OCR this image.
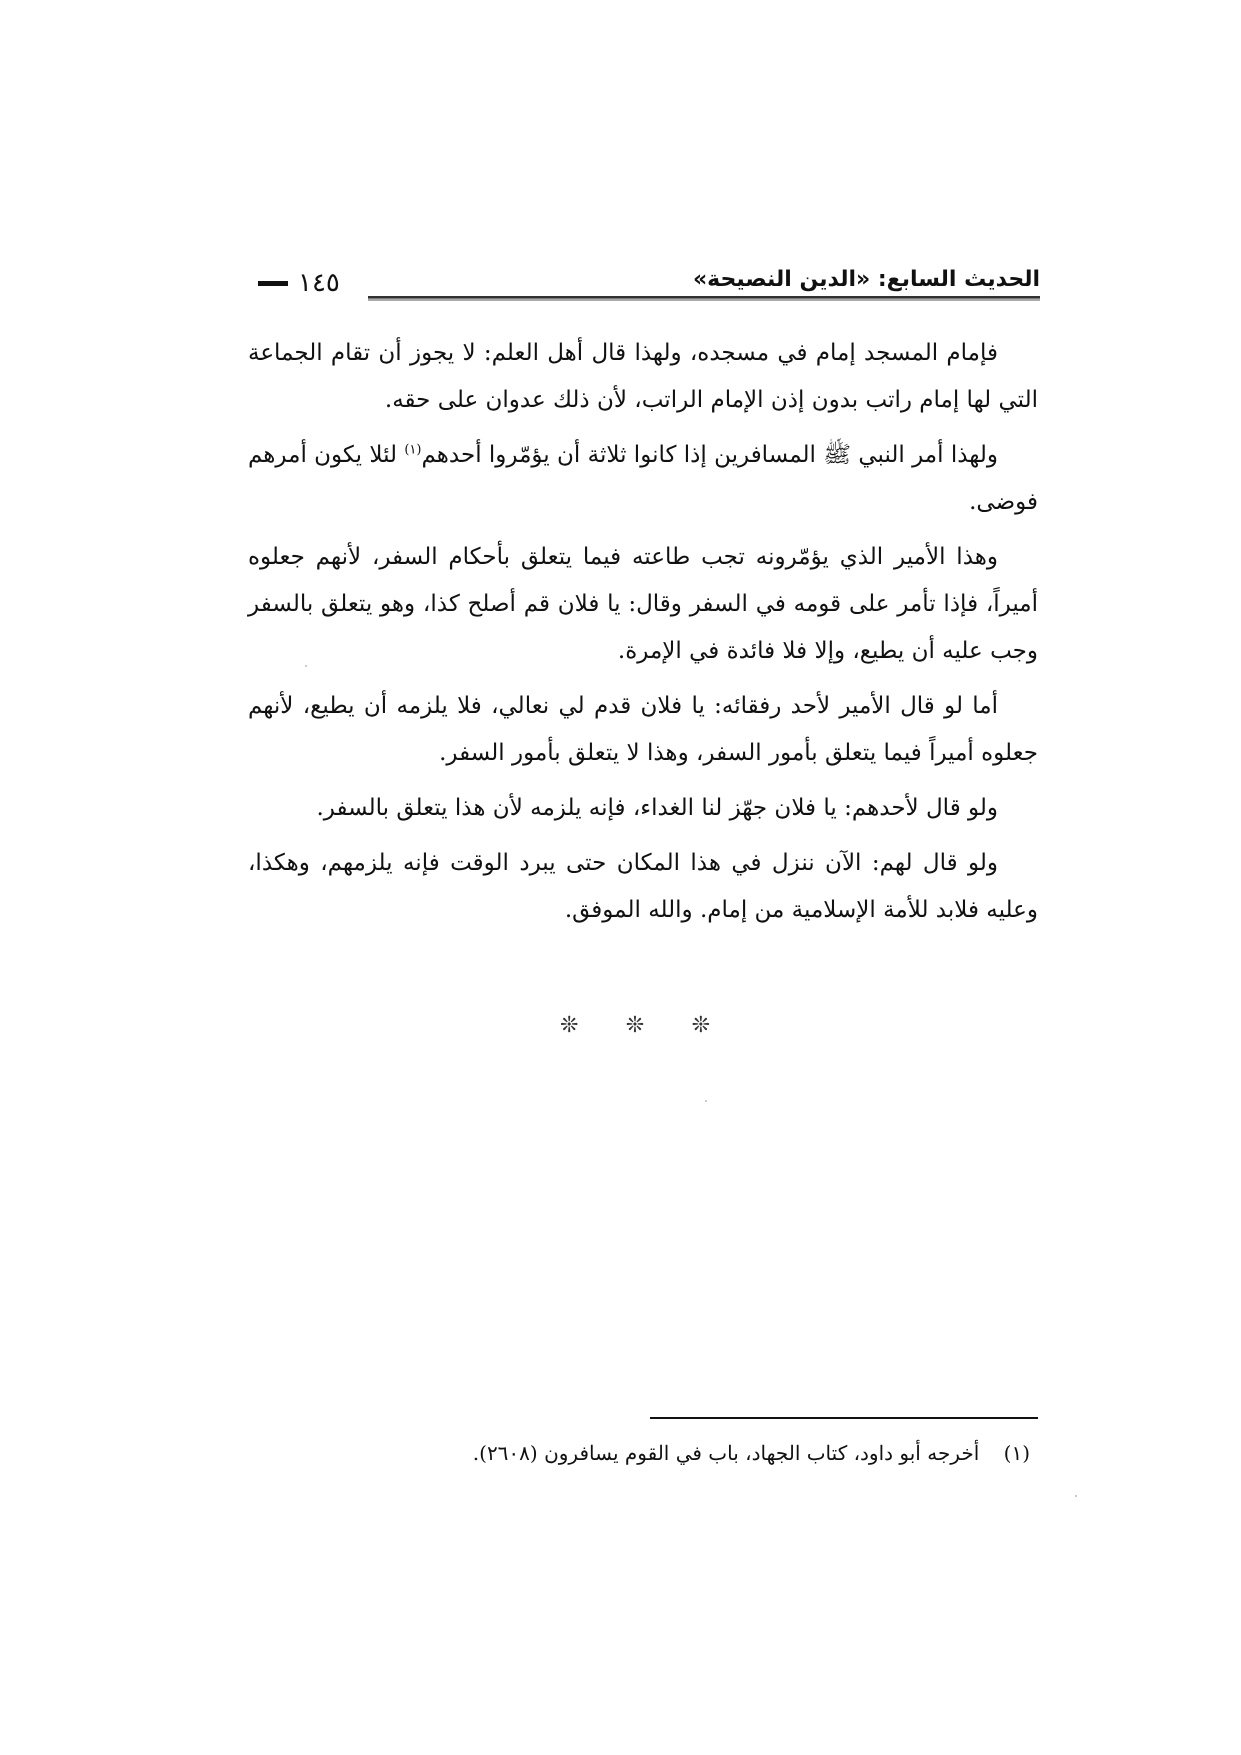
١٤٥	الحديث السابع: «الدين النصيحة»

فإمام المسجد إمام في مسجده، ولهذا قال أهل العلم: لا يجوز أن تقام الجماعة التي لها إمام راتب بدون إذن الإمام الراتب، لأن ذلك عدوان على حقه.

ولهذا أمر النبي ﷺ المسافرين إذا كانوا ثلاثة أن يؤمّروا أحدهم$^{(١)}$ لئلا يكون أمرهم فوضى.

وهذا الأمير الذي يؤمّرونه تجب طاعته فيما يتعلق بأحكام السفر، لأنهم جعلوه أميراً، فإذا تأمر على قومه في السفر وقال: يا فلان قم أصلح كذا، وهو يتعلق بالسفر وجب عليه أن يطيع، وإلا فلا فائدة في الإمرة.

أما لو قال الأمير لأحد رفقائه: يا فلان قدم لي نعالي، فلا يلزمه أن يطيع، لأنهم جعلوه أميراً فيما يتعلق بأمور السفر، وهذا لا يتعلق بأمور السفر.

ولو قال لأحدهم: يا فلان جهّز لنا الغداء، فإنه يلزمه لأن هذا يتعلق بالسفر.

ولو قال لهم: الآن ننزل في هذا المكان حتى يبرد الوقت فإنه يلزمهم، وهكذا، وعليه فلابد للأمة الإسلامية من إمام. والله الموفق.

❊ ❊ ❊
(١) أخرجه أبو داود، كتاب الجهاد، باب في القوم يسافرون (٢٦٠٨).
